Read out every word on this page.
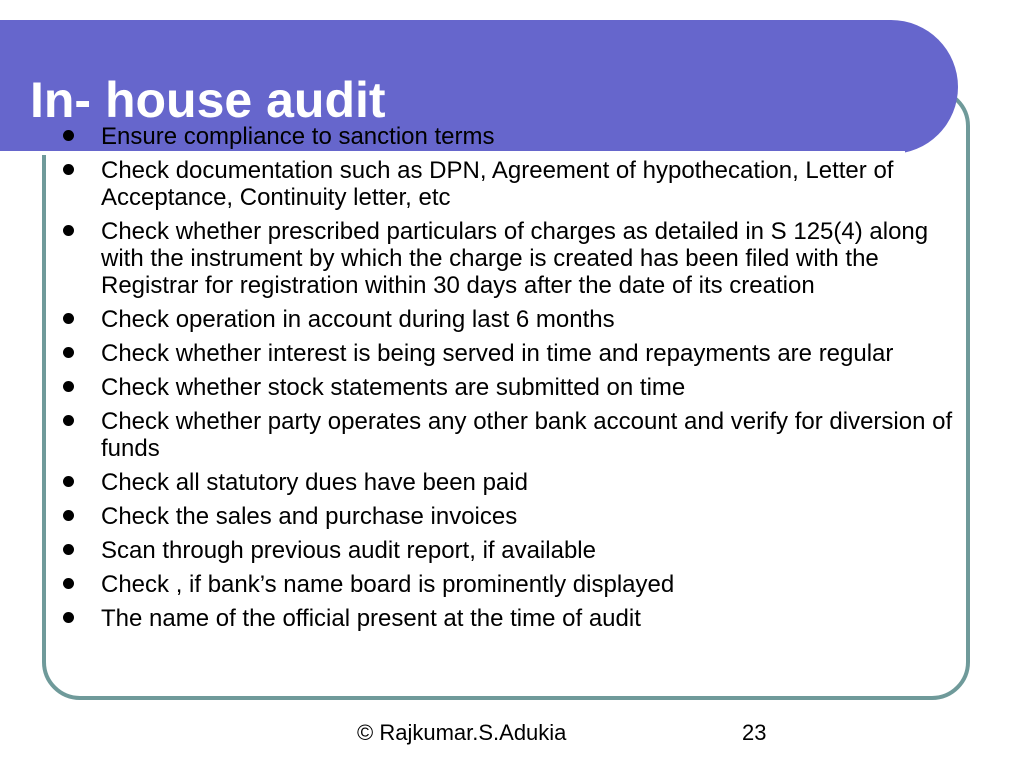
In- house audit
Ensure compliance to sanction terms
Check documentation such as DPN, Agreement of hypothecation, Letter of Acceptance, Continuity letter, etc
Check whether prescribed particulars of charges as detailed in S 125(4) along with the instrument by which the charge is created has been filed with the Registrar for registration within 30 days after the date of its creation
Check operation in account during last 6 months
Check whether interest is being served in time and repayments are regular
Check whether stock statements are submitted on time
Check whether party operates any other bank account and verify for diversion of funds
Check all statutory dues have been paid
Check the sales and purchase invoices
Scan through previous audit report, if available
Check , if bank’s name board is prominently displayed
The name of the official present at the time of audit
© Rajkumar.S.Adukia	23
